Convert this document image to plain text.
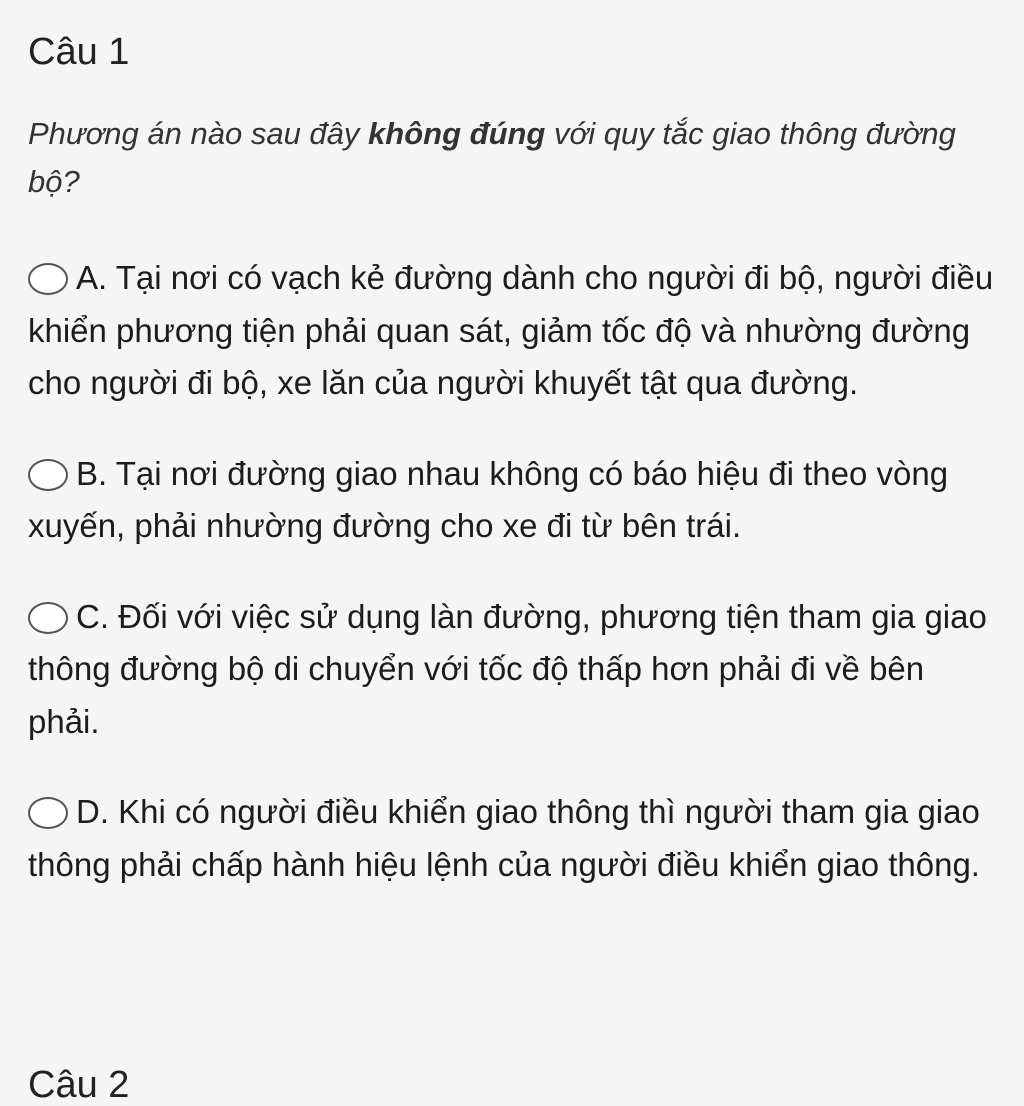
Câu 1

Phương án nào sau đây không đúng với quy tắc giao thông đường bộ?

A. Tại nơi có vạch kẻ đường dành cho người đi bộ, người điều khiển phương tiện phải quan sát, giảm tốc độ và nhường đường cho người đi bộ, xe lăn của người khuyết tật qua đường.
B. Tại nơi đường giao nhau không có báo hiệu đi theo vòng xuyến, phải nhường đường cho xe đi từ bên trái.
C. Đối với việc sử dụng làn đường, phương tiện tham gia giao thông đường bộ di chuyển với tốc độ thấp hơn phải đi về bên phải.
D. Khi có người điều khiển giao thông thì người tham gia giao thông phải chấp hành hiệu lệnh của người điều khiển giao thông.
Câu 2
